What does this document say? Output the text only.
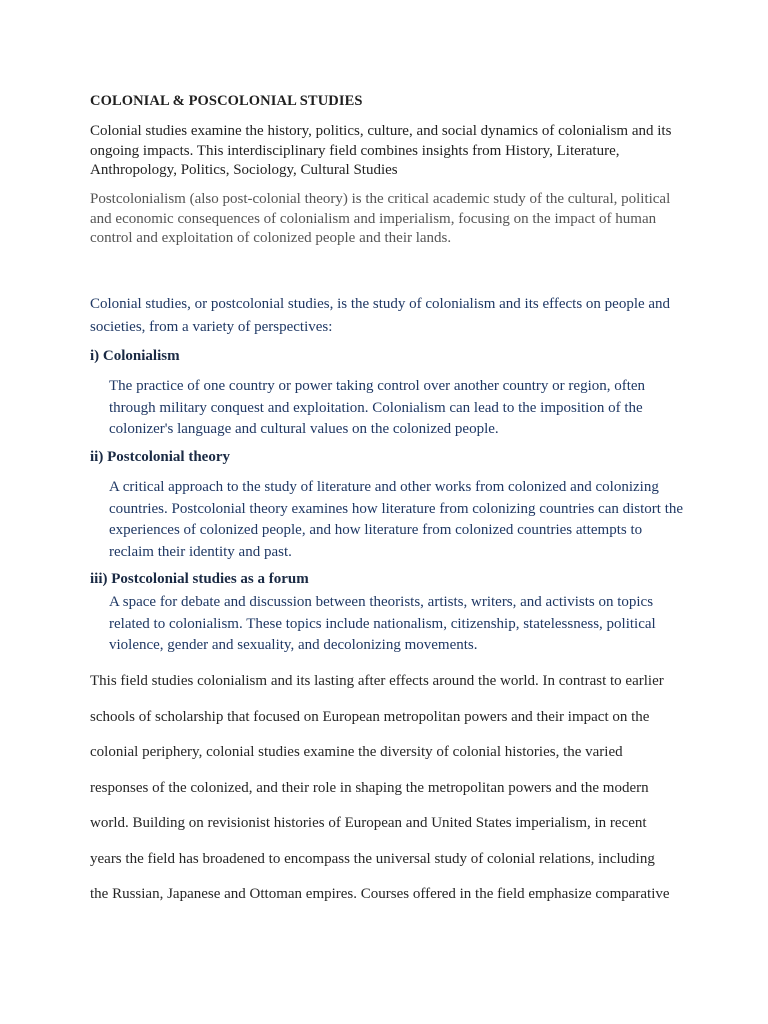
COLONIAL & POSCOLONIAL STUDIES

Colonial studies examine the history, politics, culture, and social dynamics of colonialism and its ongoing impacts. This interdisciplinary field combines insights from History, Literature, Anthropology, Politics, Sociology, Cultural Studies

Postcolonialism (also post-colonial theory) is the critical academic study of the cultural, political and economic consequences of colonialism and imperialism, focusing on the impact of human control and exploitation of colonized people and their lands.

Colonial studies, or postcolonial studies, is the study of colonialism and its effects on people and societies, from a variety of perspectives:

i) Colonialism

The practice of one country or power taking control over another country or region, often through military conquest and exploitation. Colonialism can lead to the imposition of the colonizer's language and cultural values on the colonized people.

ii) Postcolonial theory

A critical approach to the study of literature and other works from colonized and colonizing countries. Postcolonial theory examines how literature from colonizing countries can distort the experiences of colonized people, and how literature from colonized countries attempts to reclaim their identity and past.

iii) Postcolonial studies as a forum

A space for debate and discussion between theorists, artists, writers, and activists on topics related to colonialism. These topics include nationalism, citizenship, statelessness, political violence, gender and sexuality, and decolonizing movements.

This field studies colonialism and its lasting after effects around the world. In contrast to earlier
schools of scholarship that focused on European metropolitan powers and their impact on the
colonial periphery, colonial studies examine the diversity of colonial histories, the varied
responses of the colonized, and their role in shaping the metropolitan powers and the modern
world. Building on revisionist histories of European and United States imperialism, in recent
years the field has broadened to encompass the universal study of colonial relations, including
the Russian, Japanese and Ottoman empires. Courses offered in the field emphasize comparative
